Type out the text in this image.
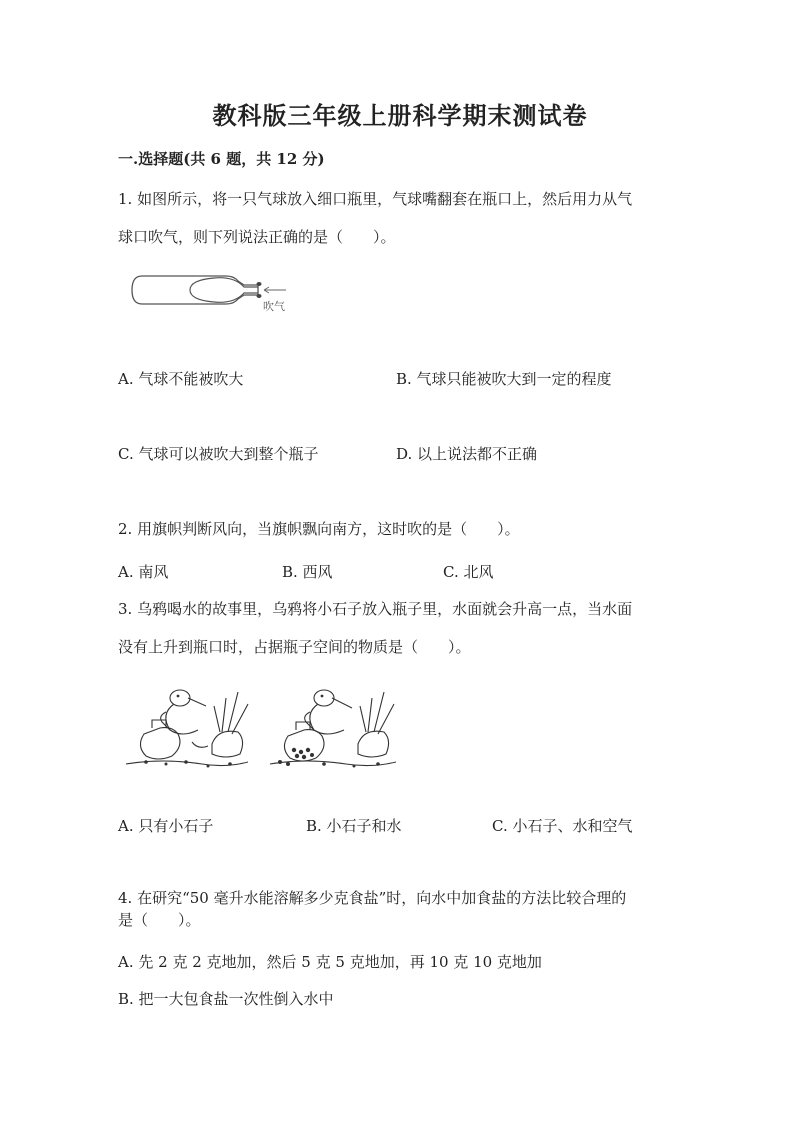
教科版三年级上册科学期末测试卷
一.选择题(共 6 题，共 12 分)
1. 如图所示，将一只气球放入细口瓶里，气球嘴翻套在瓶口上，然后用力从气
球口吹气，则下列说法正确的是（　　）。
吹气
A. 气球不能被吹大	B. 气球只能被吹大到一定的程度
C. 气球可以被吹大到整个瓶子	D. 以上说法都不正确
2. 用旗帜判断风向，当旗帜飘向南方，这时吹的是（　　）。
A. 南风	B. 西风	C. 北风
3. 乌鸦喝水的故事里，乌鸦将小石子放入瓶子里，水面就会升高一点，当水面
没有上升到瓶口时，占据瓶子空间的物质是（　　）。
A. 只有小石子	B. 小石子和水	C. 小石子、水和空气
4. 在研究“50 毫升水能溶解多少克食盐”时，向水中加食盐的方法比较合理的
是（　　）。
A. 先 2 克 2 克地加，然后 5 克 5 克地加，再 10 克 10 克地加
B. 把一大包食盐一次性倒入水中
